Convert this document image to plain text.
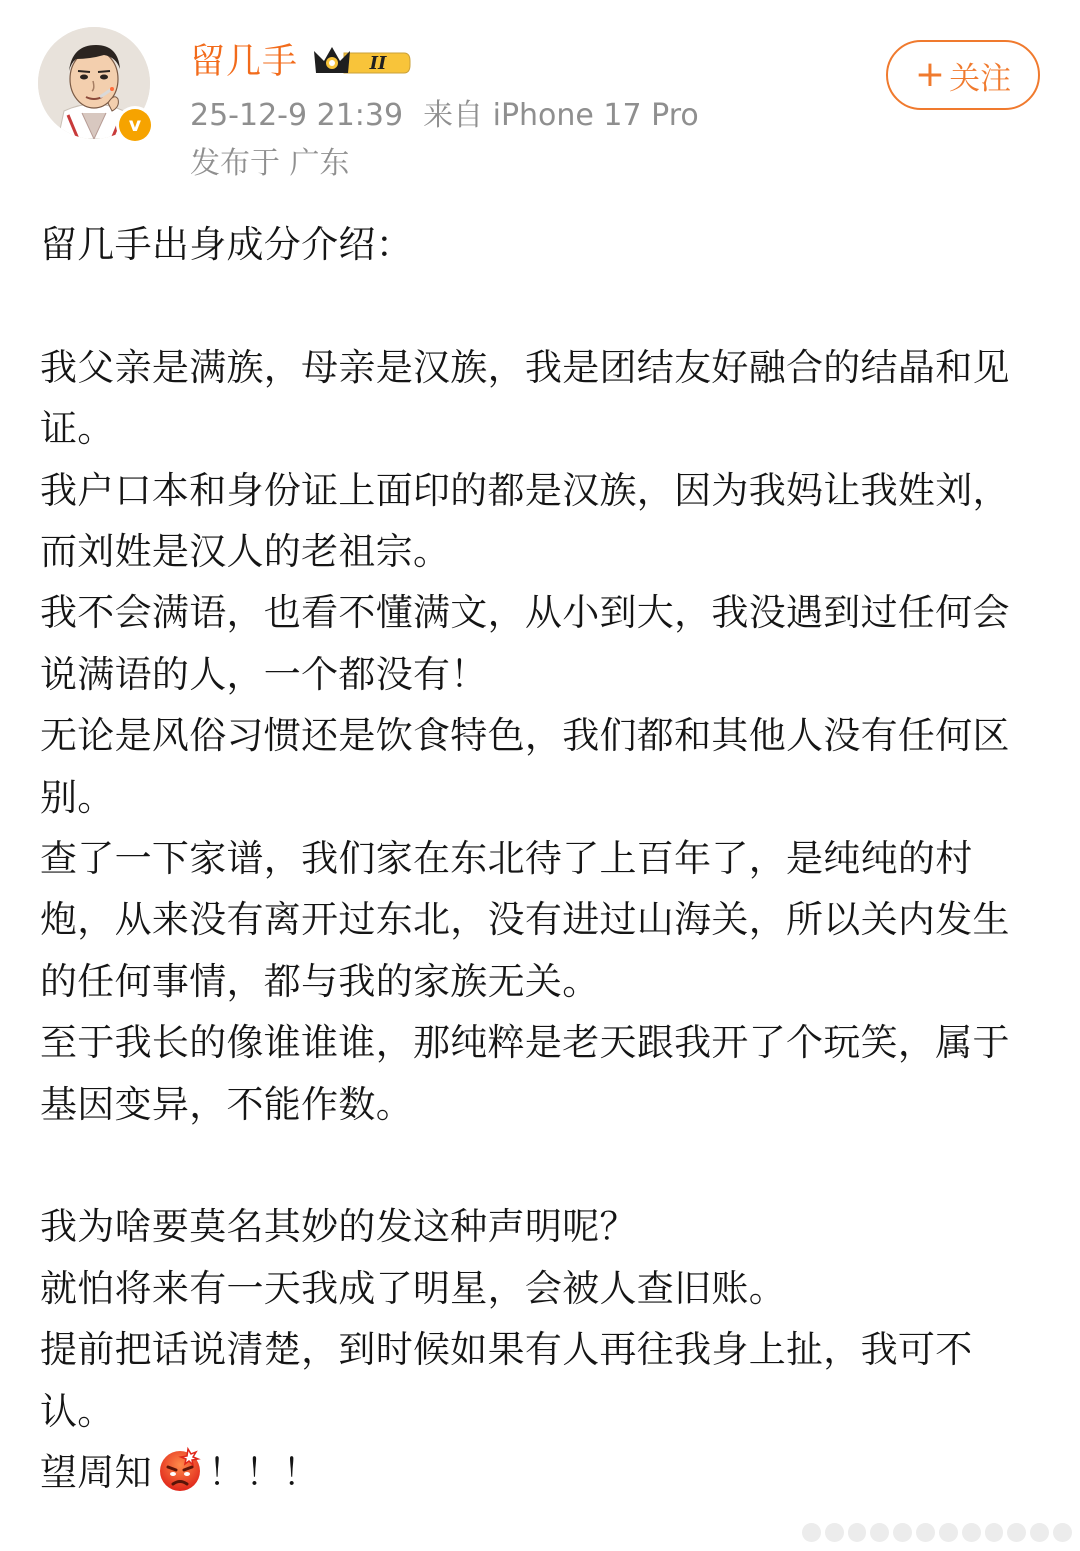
v
留几手	II
25-12-9 21:39 来自 iPhone 17 Pro
发布于 广东
+ 关注

留几手出身成分介绍：

我父亲是满族，母亲是汉族，我是团结友好融合的结晶和见证。

我户口本和身份证上面印的都是汉族，因为我妈让我姓刘，而刘姓是汉人的老祖宗。

我不会满语，也看不懂满文，从小到大，我没遇到过任何会说满语的人，一个都没有！

无论是风俗习惯还是饮食特色，我们都和其他人没有任何区别。

查了一下家谱，我们家在东北待了上百年了，是纯纯的村炮，从来没有离开过东北，没有进过山海关，所以关内发生的任何事情，都与我的家族无关。

至于我长的像谁谁谁，那纯粹是老天跟我开了个玩笑，属于基因变异，不能作数。

我为啥要莫名其妙的发这种声明呢？

就怕将来有一天我成了明星，会被人查旧账。

提前把话说清楚，到时候如果有人再往我身上扯，我可不认。

望周知 ！！！
